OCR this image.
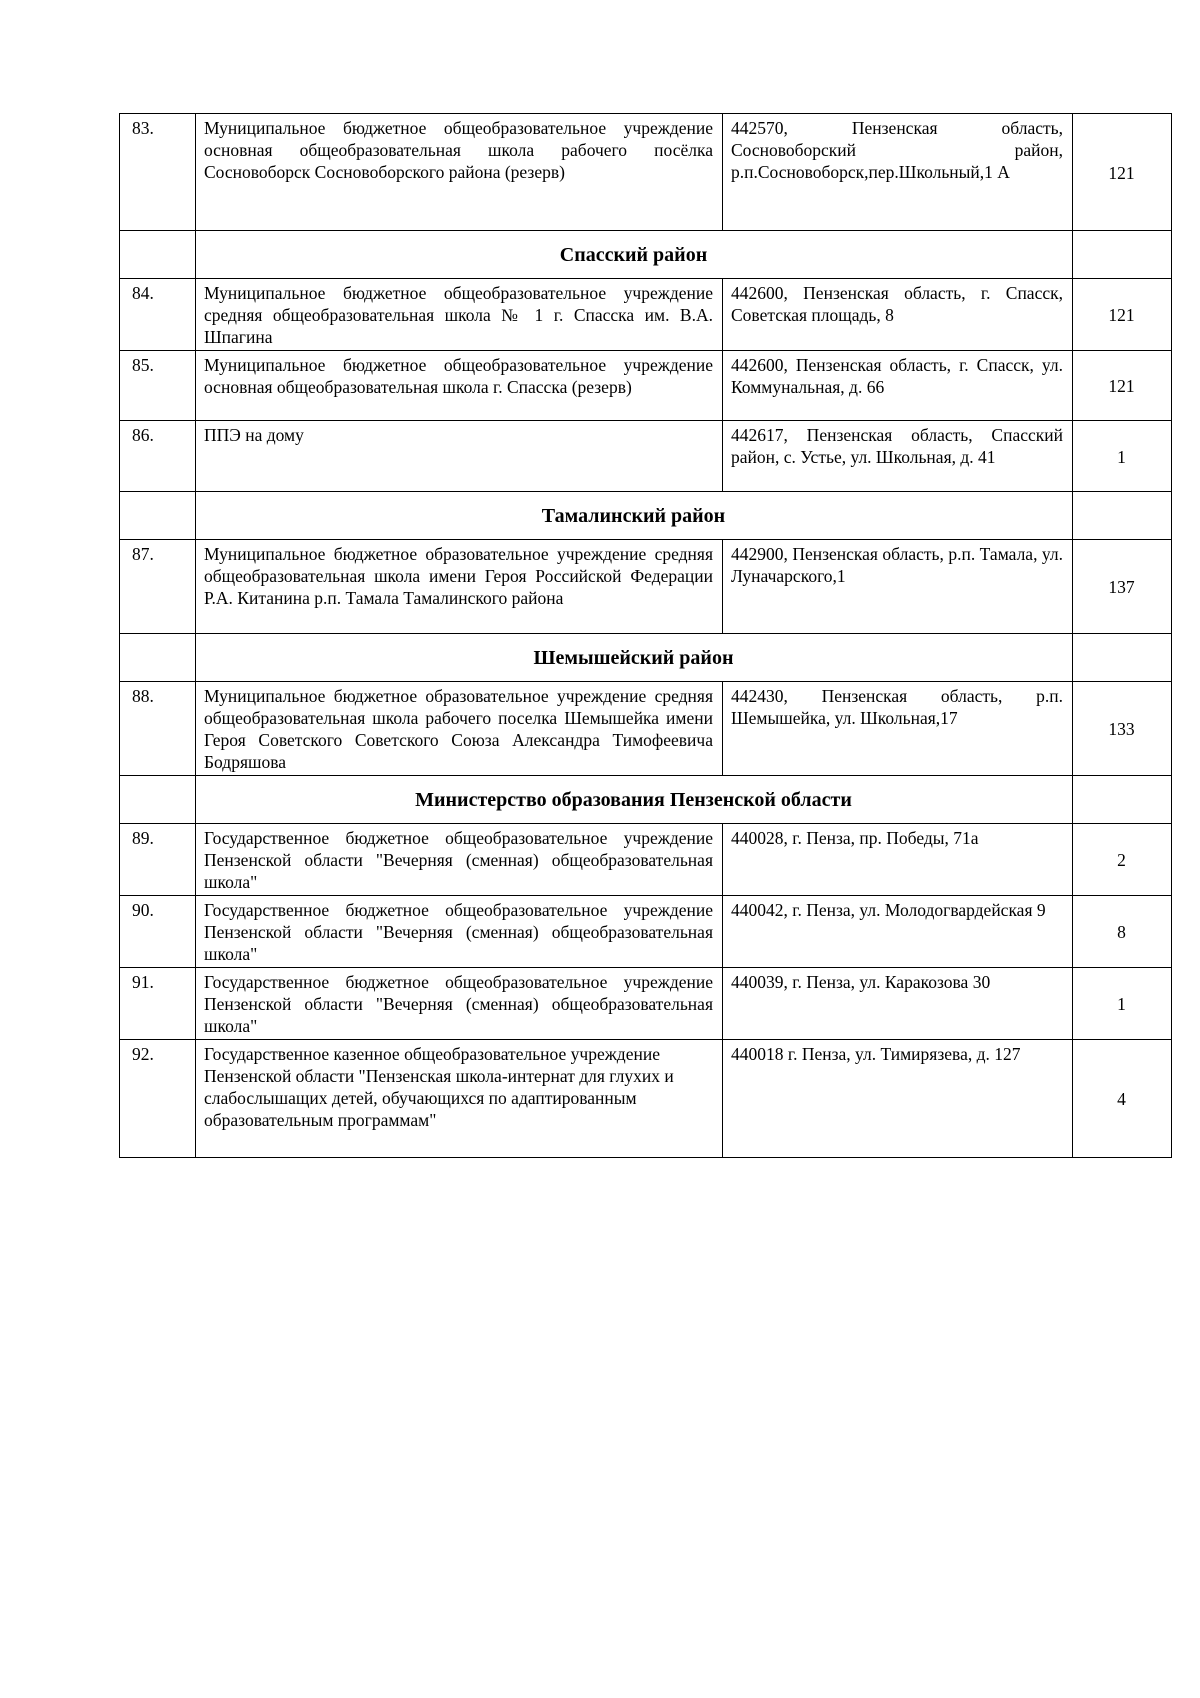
83.	Муниципальное бюджетное общеобразовательное учреждение основная общеобразовательная школа рабочего посёлка Сосновоборск Сосновоборского района (резерв)	442570, Пензенская область, Сосновоборский район, р.п.Сосновоборск,пер.Школьный,1 А	121
	Спасский район		
84.	Муниципальное бюджетное общеобразовательное учреждение средняя общеобразовательная школа № 1 г. Спасска им. В.А. Шпагина	442600, Пензенская область, г. Спасск, Советская площадь, 8	121
85.	Муниципальное бюджетное общеобразовательное учреждение основная общеобразовательная школа г. Спасска (резерв)	442600, Пензенская область, г. Спасск, ул. Коммунальная, д. 66	121
86.	ППЭ на дому	442617, Пензенская область, Спасский район, с. Устье, ул. Школьная, д. 41	1
	Тамалинский район		
87.	Муниципальное бюджетное образовательное учреждение средняя общеобразовательная школа имени Героя Российской Федерации Р.А. Китанина р.п. Тамала Тамалинского района	442900, Пензенская область, р.п. Тамала, ул. Луначарского,1	137
	Шемышейский район		
88.	Муниципальное бюджетное образовательное учреждение средняя общеобразовательная школа рабочего поселка Шемышейка имени Героя Советского Советского Союза Александра Тимофеевича Бодряшова	442430, Пензенская область, р.п. Шемышейка, ул. Школьная,17	133
	Министерство образования Пензенской области		
89.	Государственное бюджетное общеобразовательное учреждение Пензенской области "Вечерняя (сменная) общеобразовательная школа"	440028, г. Пенза, пр. Победы, 71а	2
90.	Государственное бюджетное общеобразовательное учреждение Пензенской области "Вечерняя (сменная) общеобразовательная школа"	440042, г. Пенза, ул. Молодогвардейская 9	8
91.	Государственное бюджетное общеобразовательное учреждение Пензенской области "Вечерняя (сменная) общеобразовательная школа"	440039, г. Пенза, ул. Каракозова 30	1
92.	Государственное казенное общеобразовательное учреждение Пензенской области "Пензенская школа-интернат для глухих и слабослышащих детей, обучающихся по адаптированным образовательным программам"	440018 г. Пенза, ул. Тимирязева, д. 127	4
